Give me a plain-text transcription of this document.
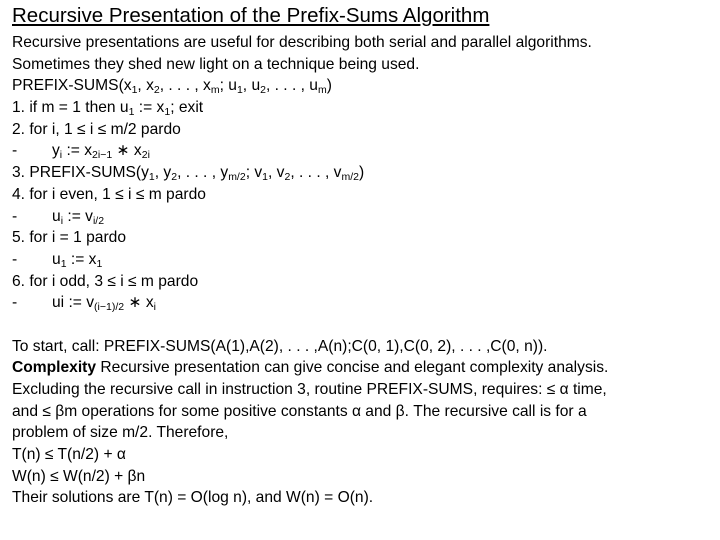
Recursive Presentation of the Prefix-Sums Algorithm
Recursive presentations are useful for describing both serial and parallel algorithms.
Sometimes they shed new light on a technique being used.
PREFIX-$SUMS(x_1$, $x_2$, . . . , $x_m$; $u_1$, $u_2$, . . . , $u_m$)
1. if m = 1 then $u_1$ := $x_1$; exit
2. for i, 1 ≤ i ≤ m/2 pardo
- $y_i$ := $x_{2i-1}$ ∗ $x_{2i}$
3. PREFIX-$SUMS(y_1$, $y_2$, . . . , $y_{m/2}$; $v_1$, $v_2$, . . . , $v_{m/2}$)
4. for i even, 1 ≤ i ≤ m pardo
- $u_i$ := $v_{i/2}$
5. for i = 1 pardo
- $u_1$ := $x_1$
6. for i odd, 3 ≤ i ≤ m pardo
- ui := $v_{(i-1)/2}$ ∗ $x_i$
To start, call: PREFIX-SUMS(A(1),A(2), . . . ,A(n);C(0, 1),C(0, 2), . . . ,C(0, n)).
Complexity Recursive presentation can give concise and elegant complexity analysis.
Excluding the recursive call in instruction 3, routine PREFIX-SUMS, requires: ≤ α time,
and ≤ βm operations for some positive constants α and β. The recursive call is for a
problem of size m/2. Therefore,
T(n) ≤ T(n/2) + α
W(n) ≤ W(n/2) + βn
Their solutions are T(n) = O(log n), and W(n) = O(n).
